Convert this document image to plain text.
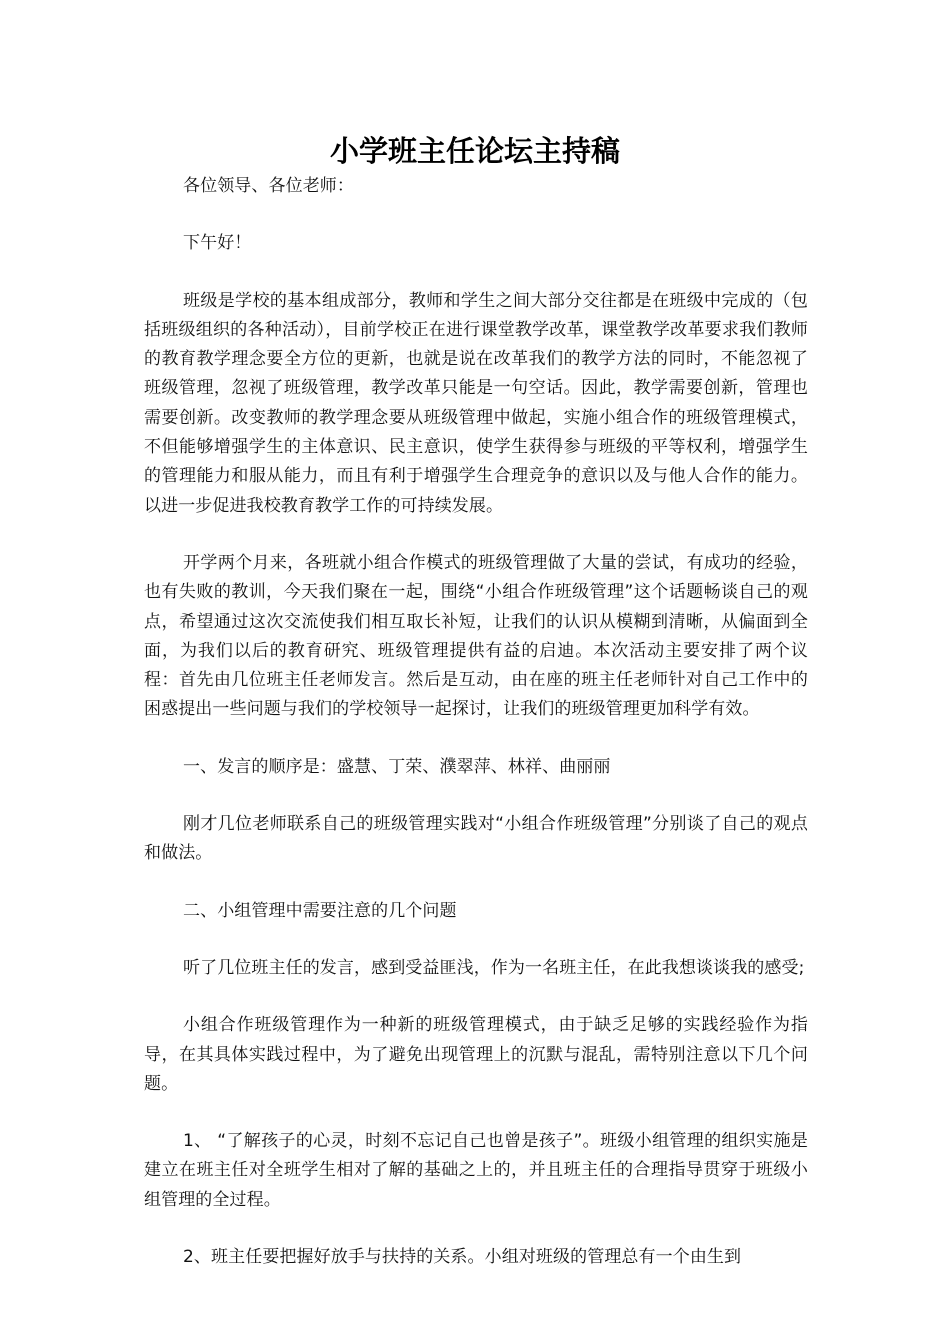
小学班主任论坛主持稿

各位领导、各位老师：

下午好！

班级是学校的基本组成部分，教师和学生之间大部分交往都是在班级中完成的（包括班级组织的各种活动），目前学校正在进行课堂教学改革，课堂教学改革要求我们教师的教育教学理念要全方位的更新，也就是说在改革我们的教学方法的同时，不能忽视了班级管理，忽视了班级管理，教学改革只能是一句空话。因此，教学需要创新，管理也需要创新。改变教师的教学理念要从班级管理中做起，实施小组合作的班级管理模式，不但能够增强学生的主体意识、民主意识，使学生获得参与班级的平等权利，增强学生的管理能力和服从能力，而且有利于增强学生合理竞争的意识以及与他人合作的能力。以进一步促进我校教育教学工作的可持续发展。

开学两个月来，各班就小组合作模式的班级管理做了大量的尝试，有成功的经验，也有失败的教训，今天我们聚在一起，围绕“小组合作班级管理”这个话题畅谈自己的观点，希望通过这次交流使我们相互取长补短，让我们的认识从模糊到清晰，从偏面到全面，为我们以后的教育研究、班级管理提供有益的启迪。本次活动主要安排了两个议程：首先由几位班主任老师发言。然后是互动，由在座的班主任老师针对自己工作中的困惑提出一些问题与我们的学校领导一起探讨，让我们的班级管理更加科学有效。

一、发言的顺序是：盛慧、丁荣、濮翠萍、林祥、曲丽丽

刚才几位老师联系自己的班级管理实践对“小组合作班级管理”分别谈了自己的观点和做法。

二、小组管理中需要注意的几个问题

听了几位班主任的发言，感到受益匪浅，作为一名班主任，在此我想谈谈我的感受;

小组合作班级管理作为一种新的班级管理模式，由于缺乏足够的实践经验作为指导，在其具体实践过程中，为了避免出现管理上的沉默与混乱，需特别注意以下几个问题。

1、 “了解孩子的心灵，时刻不忘记自己也曾是孩子”。班级小组管理的组织实施是建立在班主任对全班学生相对了解的基础之上的，并且班主任的合理指导贯穿于班级小组管理的全过程。

2、班主任要把握好放手与扶持的关系。小组对班级的管理总有一个由生到
